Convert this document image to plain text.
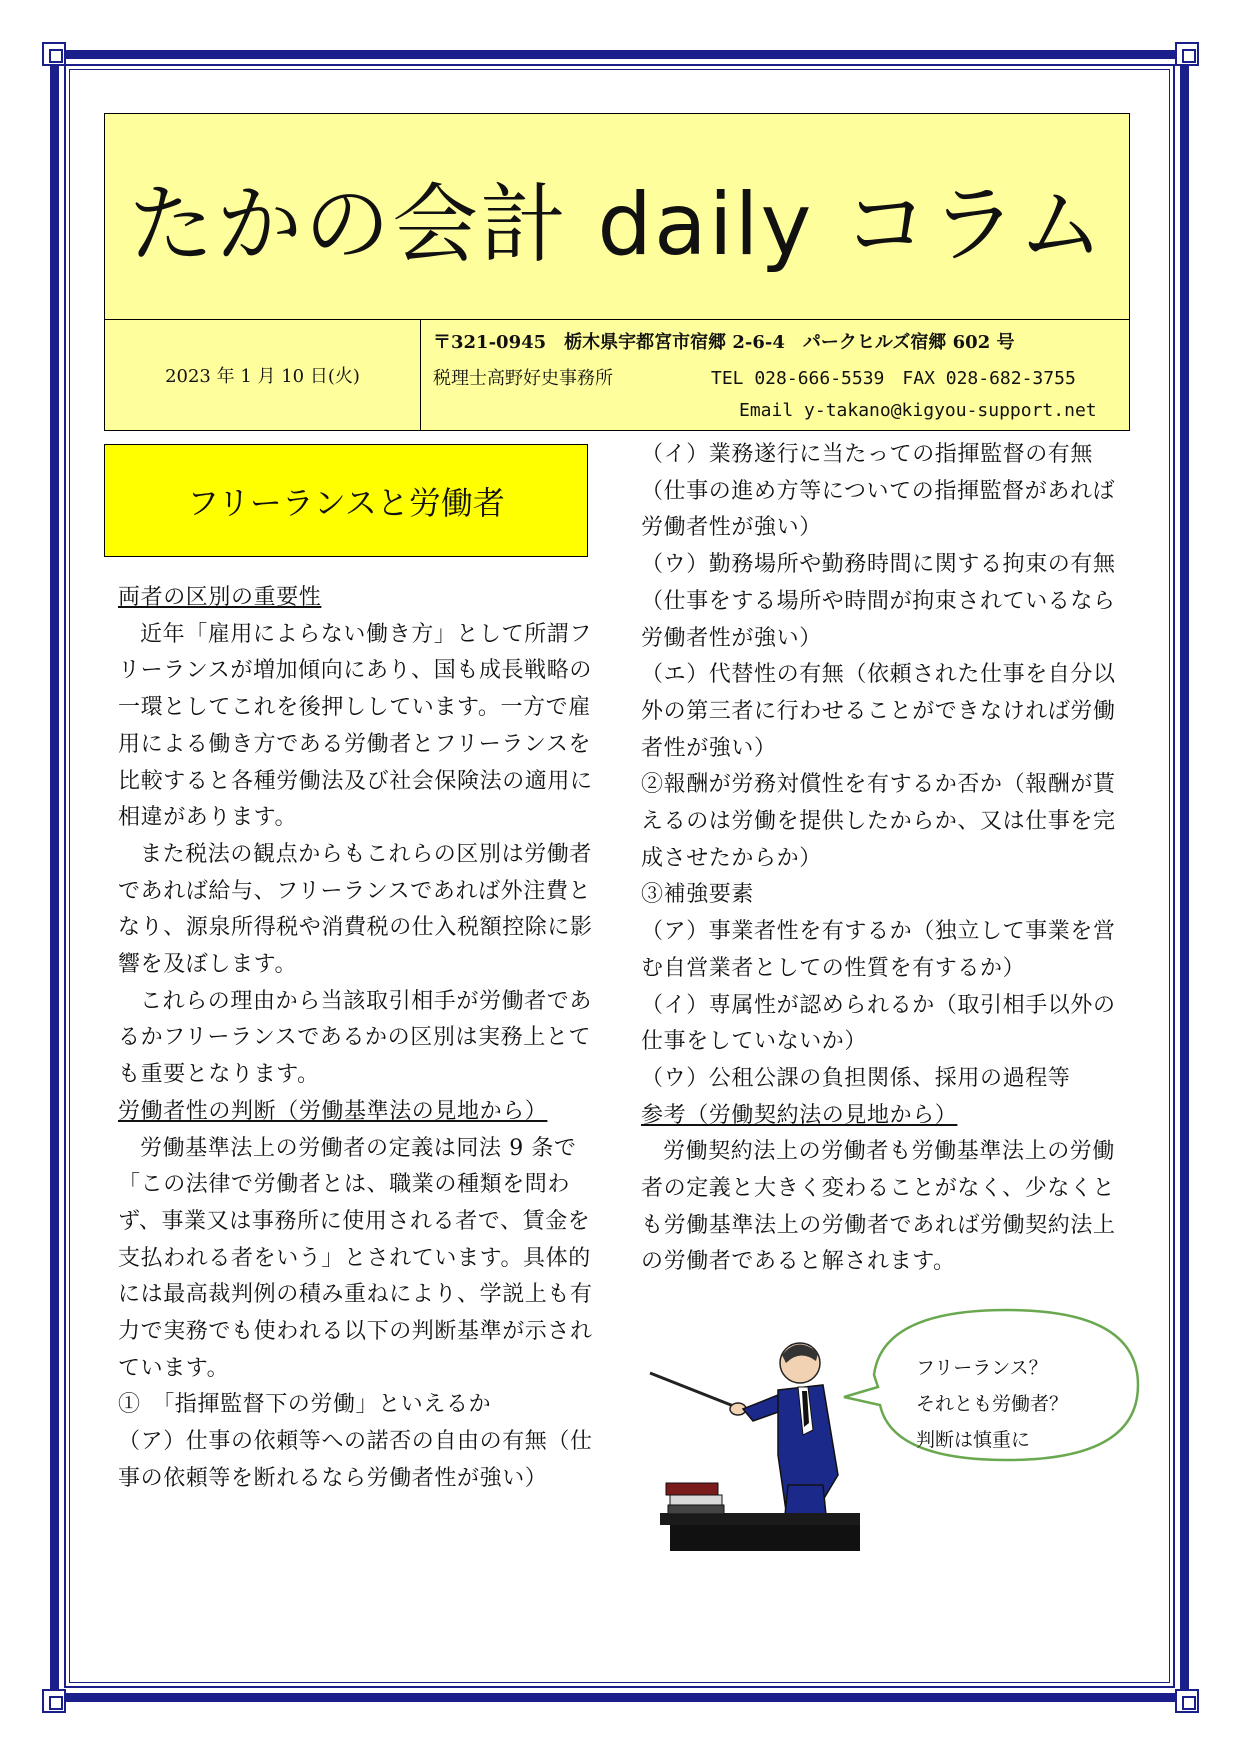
たかの会計 daily コラム
2023 年 1 月 10 日(火)
〒321-0945　栃木県宇都宮市宿郷 2-6-4　パークヒルズ宿郷 602 号
税理士高野好史事務所	TEL 028-666-5539　FAX 028-682-3755
Email y-takano@kigyou-support.net
フリーランスと労働者

両者の区別の重要性

近年「雇用によらない働き方」として所謂フリーランスが増加傾向にあり、国も成長戦略の一環としてこれを後押ししています。一方で雇用による働き方である労働者とフリーランスを比較すると各種労働法及び社会保険法の適用に相違があります。

また税法の観点からもこれらの区別は労働者であれば給与、フリーランスであれば外注費となり、源泉所得税や消費税の仕入税額控除に影響を及ぼします。

これらの理由から当該取引相手が労働者であるかフリーランスであるかの区別は実務上とても重要となります。

労働者性の判断（労働基準法の見地から）

労働基準法上の労働者の定義は同法 9 条で「この法律で労働者とは、職業の種類を問わず、事業又は事務所に使用される者で、賃金を支払われる者をいう」とされています。具体的には最高裁判例の積み重ねにより、学説上も有力で実務でも使われる以下の判断基準が示されています。

①　「指揮監督下の労働」といえるか

（ア）仕事の依頼等への諾否の自由の有無（仕事の依頼等を断れるなら労働者性が強い）

（イ）業務遂行に当たっての指揮監督の有無（仕事の進め方等についての指揮監督があれば労働者性が強い）

（ウ）勤務場所や勤務時間に関する拘束の有無（仕事をする場所や時間が拘束されているなら労働者性が強い）

（エ）代替性の有無（依頼された仕事を自分以外の第三者に行わせることができなければ労働者性が強い）

②報酬が労務対償性を有するか否か（報酬が貰えるのは労働を提供したからか、又は仕事を完成させたからか）

③補強要素

（ア）事業者性を有するか（独立して事業を営む自営業者としての性質を有するか）

（イ）専属性が認められるか（取引相手以外の仕事をしていないか）

（ウ）公租公課の負担関係、採用の過程等

参考（労働契約法の見地から）

労働契約法上の労働者も労働基準法上の労働者の定義と大きく変わることがなく、少なくとも労働基準法上の労働者であれば労働契約法上の労働者であると解されます。

フリーランス？
それとも労働者？
判断は慎重に
